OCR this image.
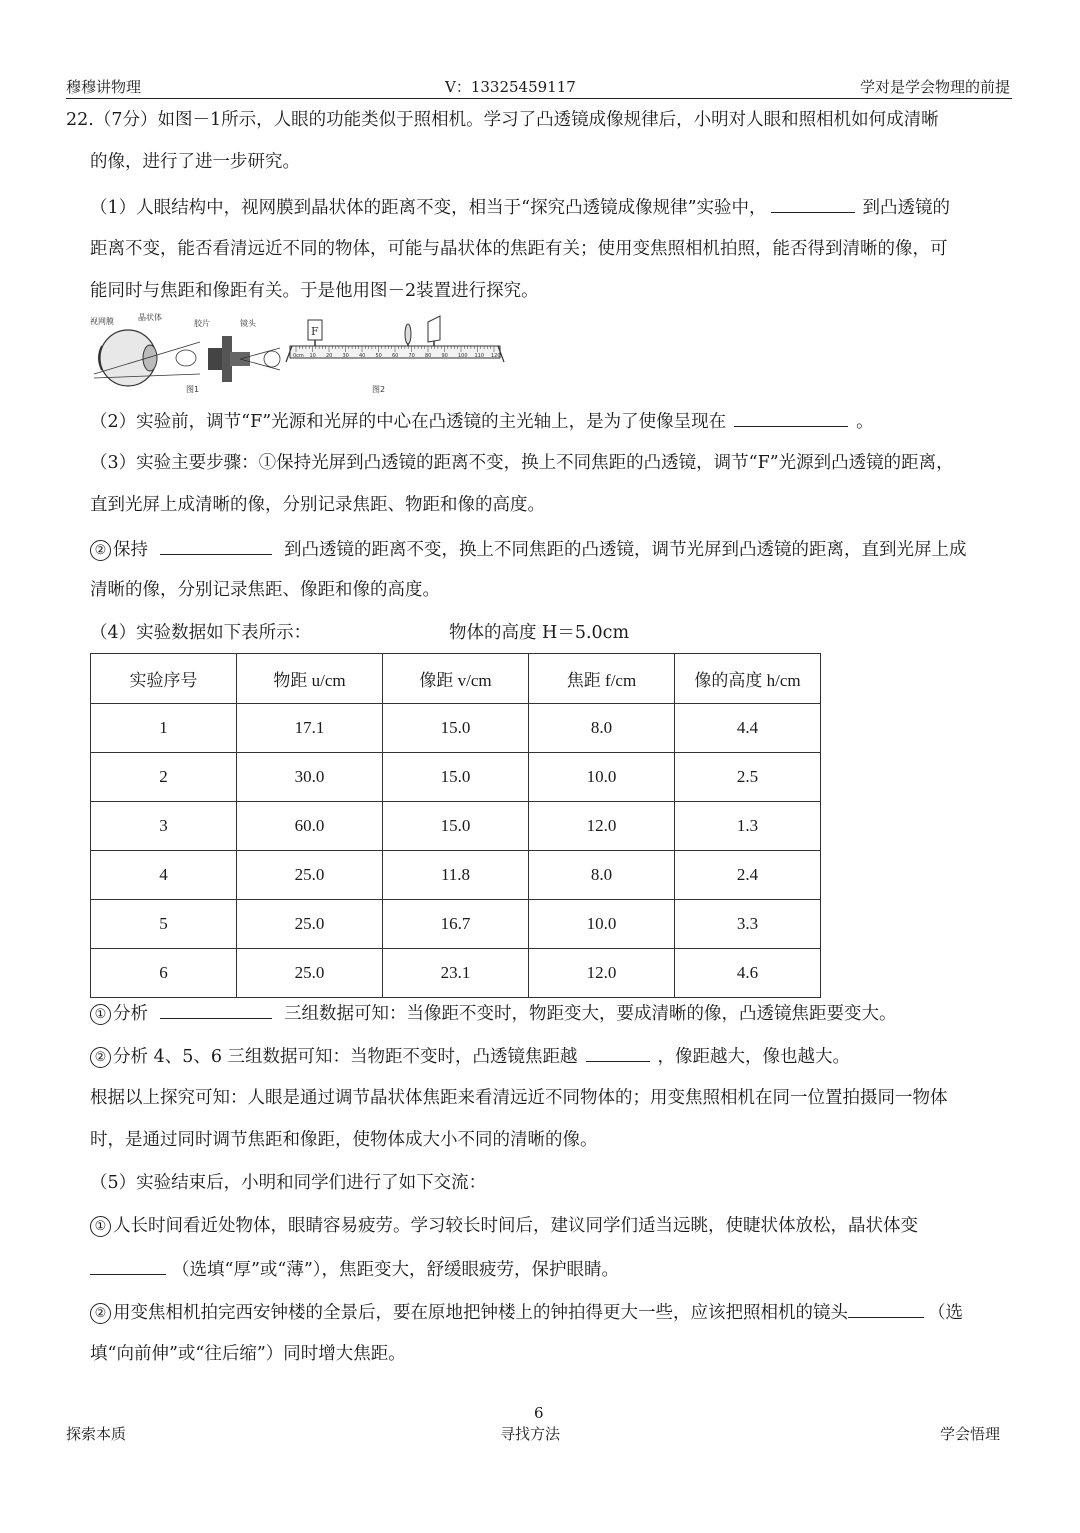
穆穆讲物理	V：13325459117	学对是学会物理的前提
22.（7分）如图－1所示，人眼的功能类似于照相机。学习了凸透镜成像规律后，小明对人眼和照相机如何成清晰
的像，进行了进一步研究。
（1）人眼结构中，视网膜到晶状体的距离不变，相当于“探究凸透镜成像规律”实验中，	到凸透镜的
距离不变，能否看清远近不同的物体，可能与晶状体的焦距有关；使用变焦照相机拍照，能否得到清晰的像，可
能同时与焦距和像距有关。于是他用图－2装置进行探究。
视网膜	晶状体
胶片	镜头
图1
0cm 10 20 30 40 50 60 70 80 90 100 110 120
F
图2
（2）实验前，调节“F”光源和光屏的中心在凸透镜的主光轴上，是为了使像呈现在	。
（3）实验主要步骤：①保持光屏到凸透镜的距离不变，换上不同焦距的凸透镜，调节“F”光源到凸透镜的距离，
直到光屏上成清晰的像，分别记录焦距、物距和像的高度。
② 保持	到凸透镜的距离不变，换上不同焦距的凸透镜，调节光屏到凸透镜的距离，直到光屏上成
清晰的像，分别记录焦距、像距和像的高度。
（4）实验数据如下表所示：	物体的高度 H＝5.0cm
实验序号	物距 u/cm	像距 v/cm	焦距 f/cm	像的高度 h/cm
1	17.1	15.0	8.0	4.4
2	30.0	15.0	10.0	2.5
3	60.0	15.0	12.0	1.3
4	25.0	11.8	8.0	2.4
5	25.0	16.7	10.0	3.3
6	25.0	23.1	12.0	4.6
① 分析	三组数据可知：当像距不变时，物距变大，要成清晰的像，凸透镜焦距要变大。
② 分析 4、5、6 三组数据可知：当物距不变时，凸透镜焦距越	，像距越大，像也越大。
根据以上探究可知：人眼是通过调节晶状体焦距来看清远近不同物体的；用变焦照相机在同一位置拍摄同一物体
时，是通过同时调节焦距和像距，使物体成大小不同的清晰的像。
（5）实验结束后，小明和同学们进行了如下交流：
① 人长时间看近处物体，眼睛容易疲劳。学习较长时间后，建议同学们适当远眺，使睫状体放松，晶状体变
（选填“厚”或“薄”），焦距变大，舒缓眼疲劳，保护眼睛。
② 用变焦相机拍完西安钟楼的全景后，要在原地把钟楼上的钟拍得更大一些，应该把照相机的镜头	（选
填“向前伸”或“往后缩”）同时增大焦距。
6
探索本质	寻找方法	学会悟理
